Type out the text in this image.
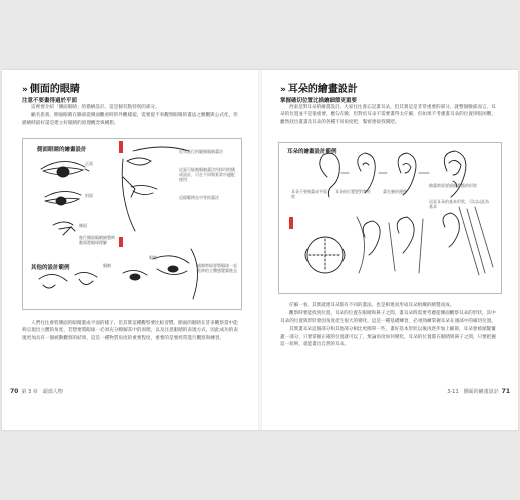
» 側面的眼睛
注意不要畫得過於平面

這裡要介紹「側面眼睛」的描繪設計。這是個有點特別的部分。

顧名思義，側面眼睛在臉部從側面觀看時的外觀樣貌，需要從不來觀察眼睛的畫法之概觀與公式化，但描繪時最好還是建立好眼睛的原理概念與構想。

側面眼睛的繪畫設計
其他的設計範例
正面
斜面
側面
進行側面眼睛繪製時應需將眼球理解
近年流行的睫圓眼睛畫法
這是可能被眼睛畫法所採用的構成設計，可在不同場景當中適配使用
這個範例在中等的畫法
眼睛
眼睛
描繪時候要將眼球一直延伸的立體感覺畫進去

人們往往會將側面的眼睛畫成平面的樣子，但其實這種觀察要比較習慣。側面的眼睛在許多觀察當中能夠呈現出立體的角度，若想要將眼球一必須充分瞭解其中的原理，以及注意眼睛的表現方式，因此成功的表現更加具有一個被動觀察的結果，這是一種物質角度的重要程度，重要的是要經常進行觀察與練習。

70 第 3 章　頭部人物
» 耳朵的繪畫設計
掌握確切位置比描繪細節更重要

西東是對耳朵的繪畫設計。大家往往會忘記畫耳朵，但其實這是非常重要的部分。就整個臉部而言，耳朵的位置並不是很重要，應勾在臉，但對於耳朵不需要畫得太仔細，但如果不考慮畫耳朵的位置則很困難，雖然找出畫畫及耳朵的各種不同角度吧，緊密連接找開吧。

耳朵的繪畫設計範例
耳朵不要被畫成平面狀
耳朵的位置要對準於	畫在臉的邊緣
繪畫時需要描繪骨骼的形狀
這是耳朵的基本形狀，可以以此為基本

仔細一看，其實就連耳朵都有不同的畫法，也是相連而形成耳朵組織的繪製而成。

觀察時要能找到位置，耳朵的位置在眼睛和鼻子之間，畫耳朵時需要考慮從側面觀察耳朵的形狀，其中耳朵的位置與形狀會因角度產生很大的變化，這是一種基礎練習，必須熟練掌握耳朵在頭部中的確切位置。

其實畫耳朵這個部分和其他部分相比更簡單一些，畫好基本形狀以後再逐步加上細節，耳朵會被頭髮覆蓋一部分，只要掌握正確的位置就可以了，無論角度如何變化，耳朵的位置都在眼睛與鼻子之間，只要把握這一原則，就能畫出自然的耳朵。

3-11　側面的繪畫設計 71
